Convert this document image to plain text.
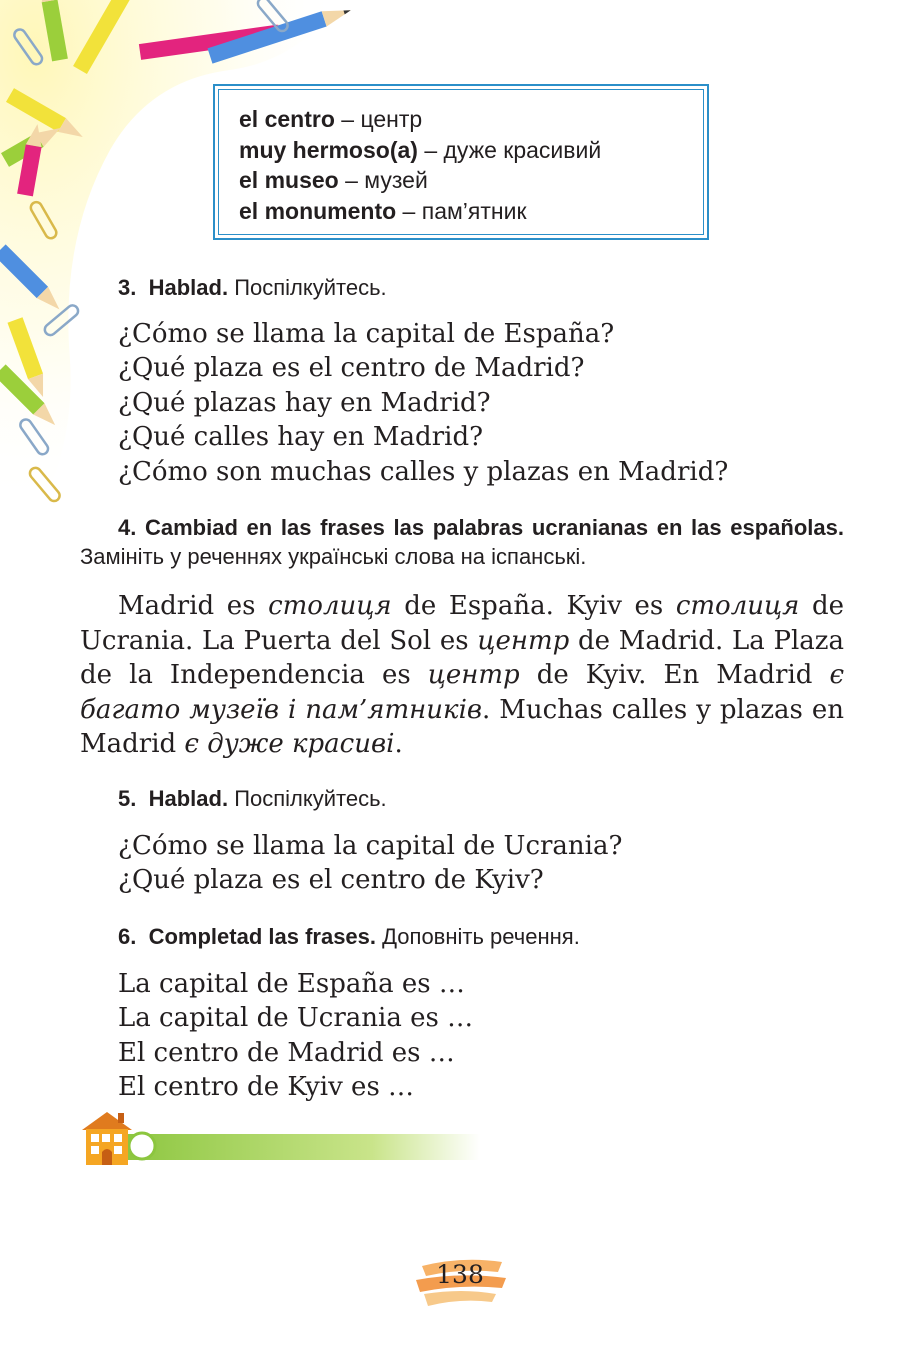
el centro – центр
muy hermoso(a) – дуже красивий
el museo – музей
el monumento – пам’ятник
3. Hablad. Поспілкуйтесь.
¿Cómo se llama la capital de España?
¿Qué plaza es el centro de Madrid?
¿Qué plazas hay en Madrid?
¿Qué calles hay en Madrid?
¿Cómo son muchas calles y plazas en Madrid?
4. Cambiad en las frases las palabras ucranianas en las españolas. Замініть у реченнях українські слова на іспанські.
Madrid es столиця de España. Kyiv es столиця de Ucrania. La Puerta del Sol es центр de Madrid. La Plaza de la Independencia es центр de Kyiv. En Madrid є багато музеїв і пам’ятників. Muchas calles y plazas en Madrid є дуже красиві.
5. Hablad. Поспілкуйтесь.
¿Cómo se llama la capital de Ucrania?
¿Qué plaza es el centro de Kyiv?
6. Completad las frases. Доповніть речення.
La capital de España es …
La capital de Ucrania es …
El centro de Madrid es …
El centro de Kyiv es …
138
